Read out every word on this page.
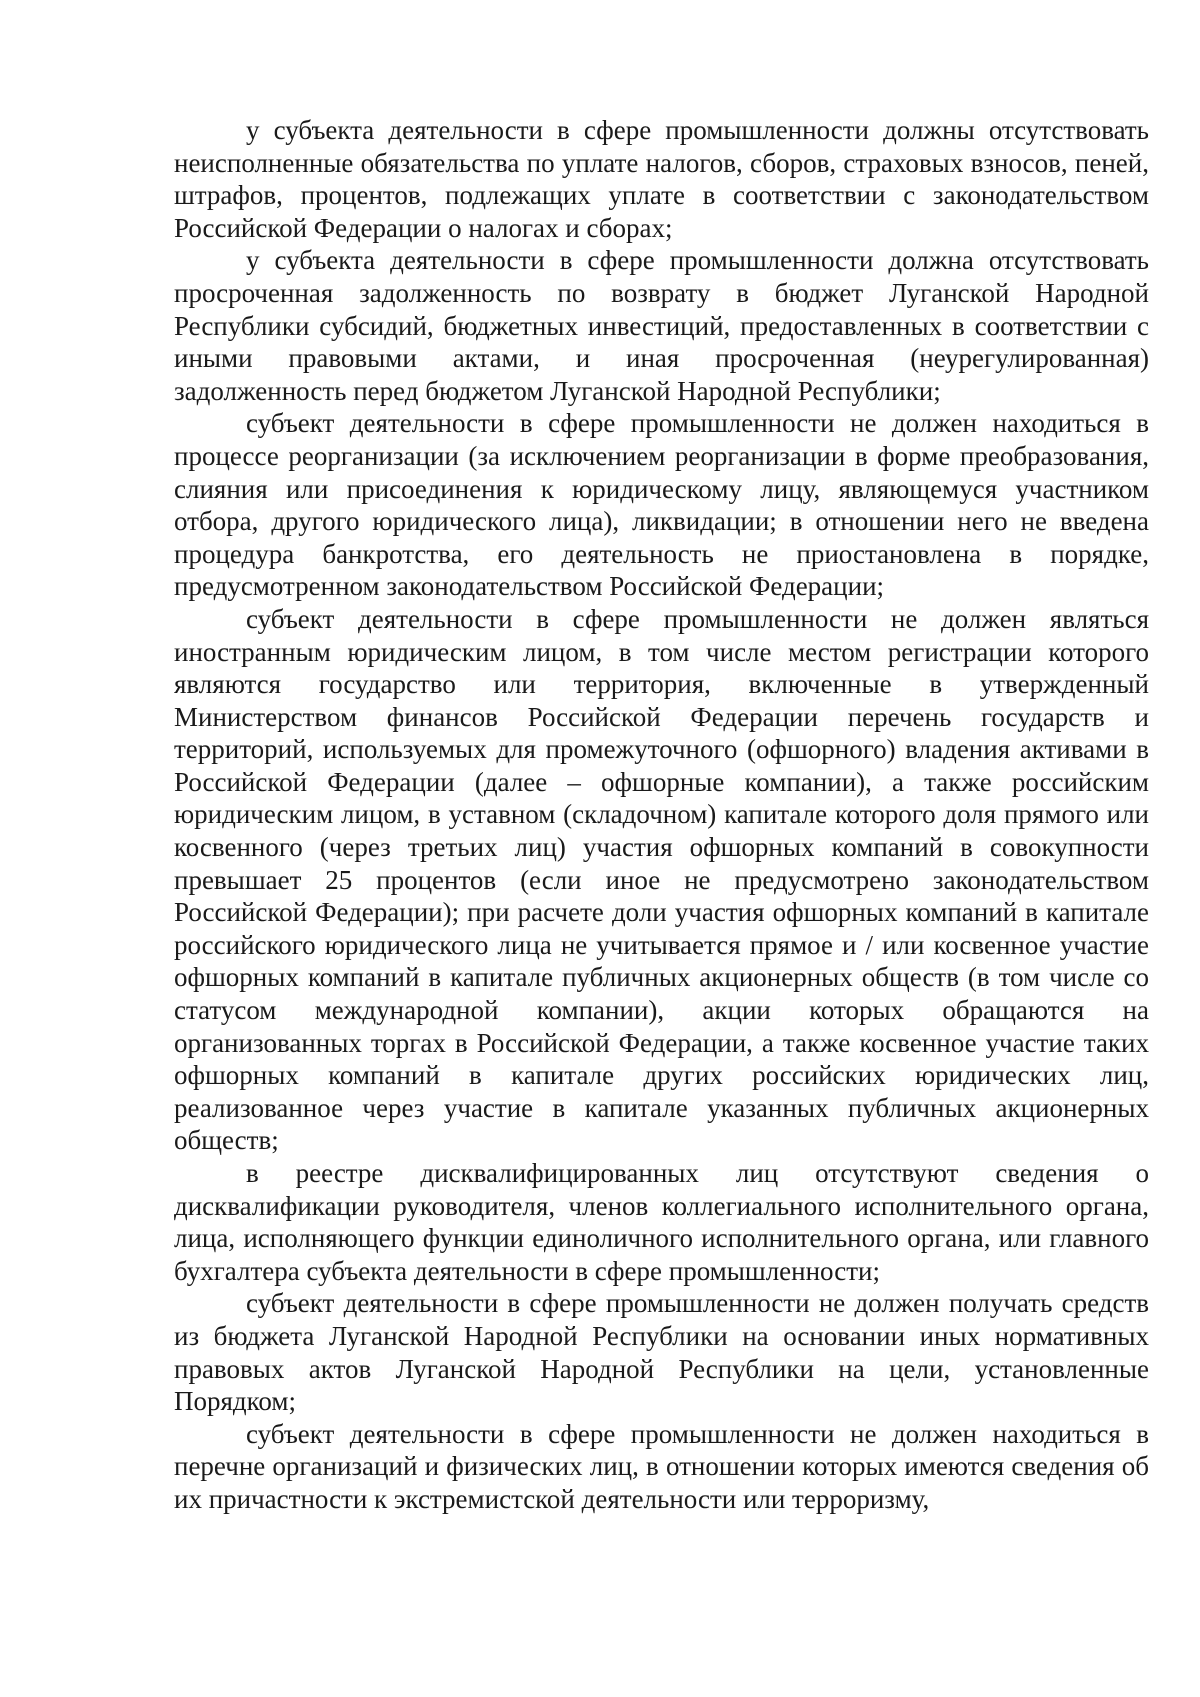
у субъекта деятельности в сфере промышленности должны отсутствовать неисполненные обязательства по уплате налогов, сборов, страховых взносов, пеней, штрафов, процентов, подлежащих уплате в соответствии с законодательством Российской Федерации о налогах и сборах;

у субъекта деятельности в сфере промышленности должна отсутствовать просроченная задолженность по возврату в бюджет Луганской Народной Республики субсидий, бюджетных инвестиций, предоставленных в соответствии с иными правовыми актами, и иная просроченная (неурегулированная) задолженность перед бюджетом Луганской Народной Республики;

субъект деятельности в сфере промышленности не должен находиться в процессе реорганизации (за исключением реорганизации в форме преобразования, слияния или присоединения к юридическому лицу, являющемуся участником отбора, другого юридического лица), ликвидации; в отношении него не введена процедура банкротства, его деятельность не приостановлена в порядке, предусмотренном законодательством Российской Федерации;

субъект деятельности в сфере промышленности не должен являться иностранным юридическим лицом, в том числе местом регистрации которого являются государство или территория, включенные в утвержденный Министерством финансов Российской Федерации перечень государств и территорий, используемых для промежуточного (офшорного) владения активами в Российской Федерации (далее – офшорные компании), а также российским юридическим лицом, в уставном (складочном) капитале которого доля прямого или косвенного (через третьих лиц) участия офшорных компаний в совокупности превышает 25 процентов (если иное не предусмотрено законодательством Российской Федерации); при расчете доли участия офшорных компаний в капитале российского юридического лица не учитывается прямое и / или косвенное участие офшорных компаний в капитале публичных акционерных обществ (в том числе со статусом международной компании), акции которых обращаются на организованных торгах в Российской Федерации, а также косвенное участие таких офшорных компаний в капитале других российских юридических лиц, реализованное через участие в капитале указанных публичных акционерных обществ;

в реестре дисквалифицированных лиц отсутствуют сведения о дисквалификации руководителя, членов коллегиального исполнительного органа, лица, исполняющего функции единоличного исполнительного органа, или главного бухгалтера субъекта деятельности в сфере промышленности;

субъект деятельности в сфере промышленности не должен получать средств из бюджета Луганской Народной Республики на основании иных нормативных правовых актов Луганской Народной Республики на цели, установленные Порядком;

субъект деятельности в сфере промышленности не должен находиться в перечне организаций и физических лиц, в отношении которых имеются сведения об их причастности к экстремистской деятельности или терроризму,
